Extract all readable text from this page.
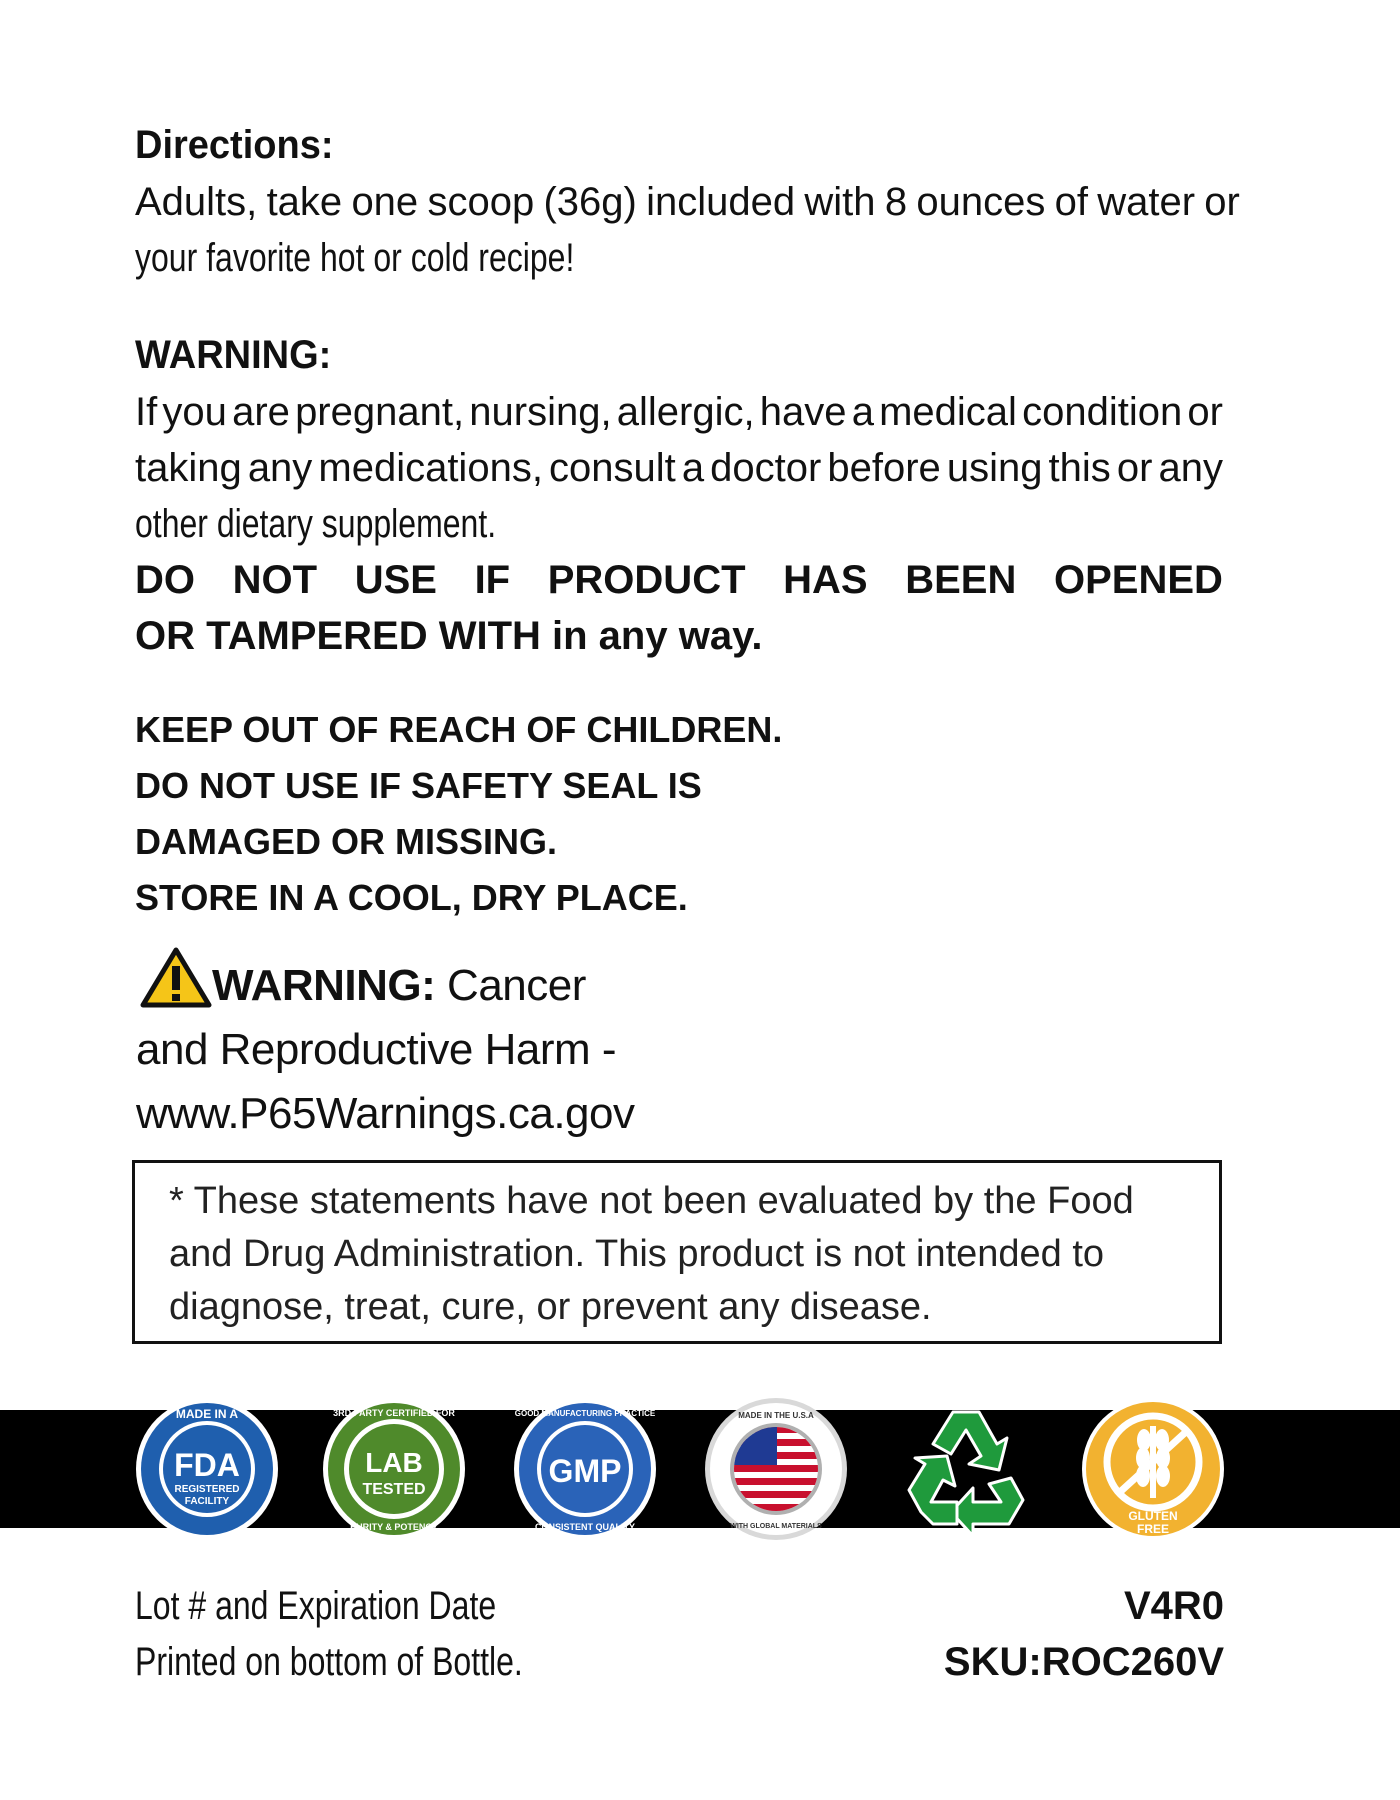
Directions:
Adults, take one scoop (36g) included with 8 ounces of water or
your favorite hot or cold recipe!
WARNING:
If you are pregnant, nursing, allergic, have a medical condition or
taking any medications, consult a doctor before using this or any
other dietary supplement.
DO NOT USE IF PRODUCT HAS BEEN OPENED
OR TAMPERED WITH in any way.
KEEP OUT OF REACH OF CHILDREN.
DO NOT USE IF SAFETY SEAL IS
DAMAGED OR MISSING.
STORE IN A COOL, DRY PLACE.
WARNING: Cancer
and Reproductive Harm -
www.P65Warnings.ca.gov
* These statements have not been evaluated by the Food
and Drug Administration. This product is not intended to
diagnose, treat, cure, or prevent any disease.
MADE IN A
FDA
REGISTERED
FACILITY
3RD PARTY CERTIFIED FOR
LAB
TESTED
PURITY & POTENCY
GOOD MANUFACTURING PRACTICE
GMP
CONSISTENT QUALITY
MADE IN THE U.S.A
WITH GLOBAL MATERIALS
GLUTEN
FREE
Lot # and Expiration Date
Printed on bottom of Bottle.
V4R0
SKU:ROC260V
